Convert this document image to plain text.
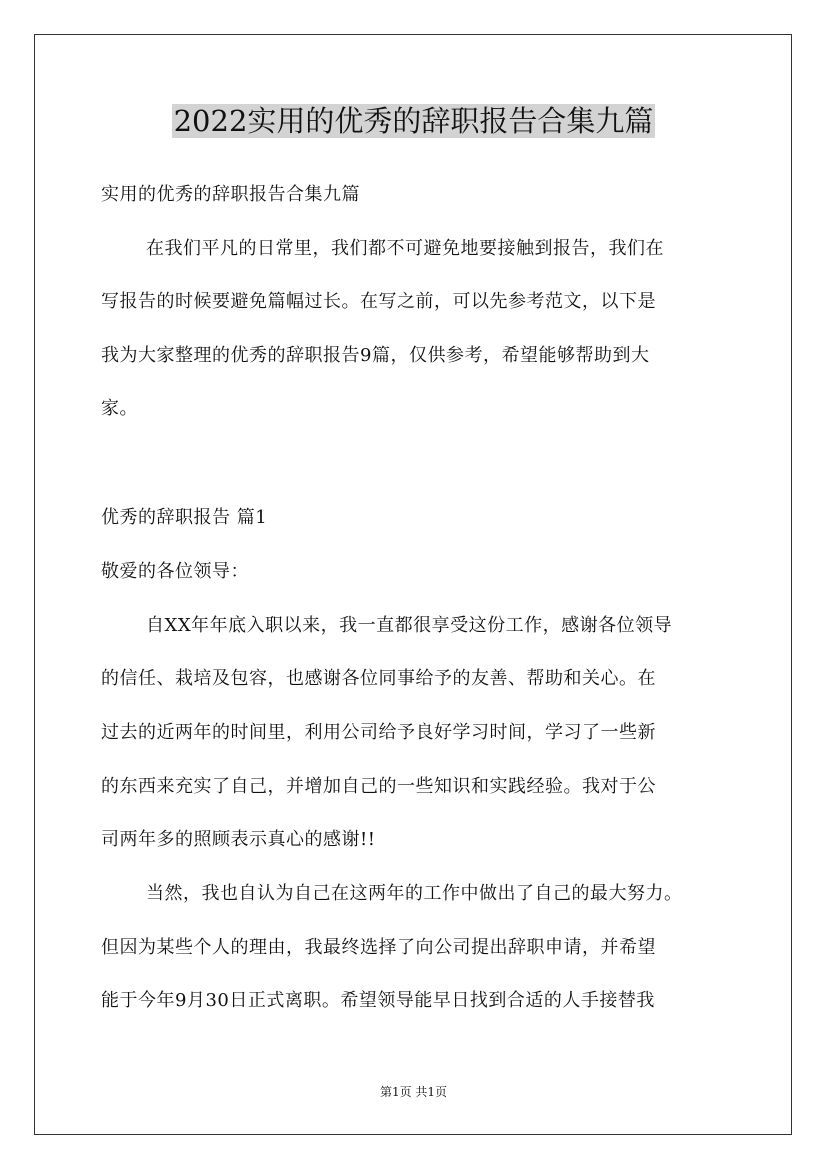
2022实用的优秀的辞职报告合集九篇
实用的优秀的辞职报告合集九篇
在我们平凡的日常里，我们都不可避免地要接触到报告，我们在
写报告的时候要避免篇幅过长。在写之前，可以先参考范文，以下是
我为大家整理的优秀的辞职报告9篇，仅供参考，希望能够帮助到大
家。
优秀的辞职报告 篇1
敬爱的各位领导：
自XX年年底入职以来，我一直都很享受这份工作，感谢各位领导
的信任、栽培及包容，也感谢各位同事给予的友善、帮助和关心。在
过去的近两年的时间里，利用公司给予良好学习时间，学习了一些新
的东西来充实了自己，并增加自己的一些知识和实践经验。我对于公
司两年多的照顾表示真心的感谢!!
当然，我也自认为自己在这两年的工作中做出了自己的最大努力。
但因为某些个人的理由，我最终选择了向公司提出辞职申请，并希望
能于今年9月30日正式离职。希望领导能早日找到合适的人手接替我
第1页 共1页
